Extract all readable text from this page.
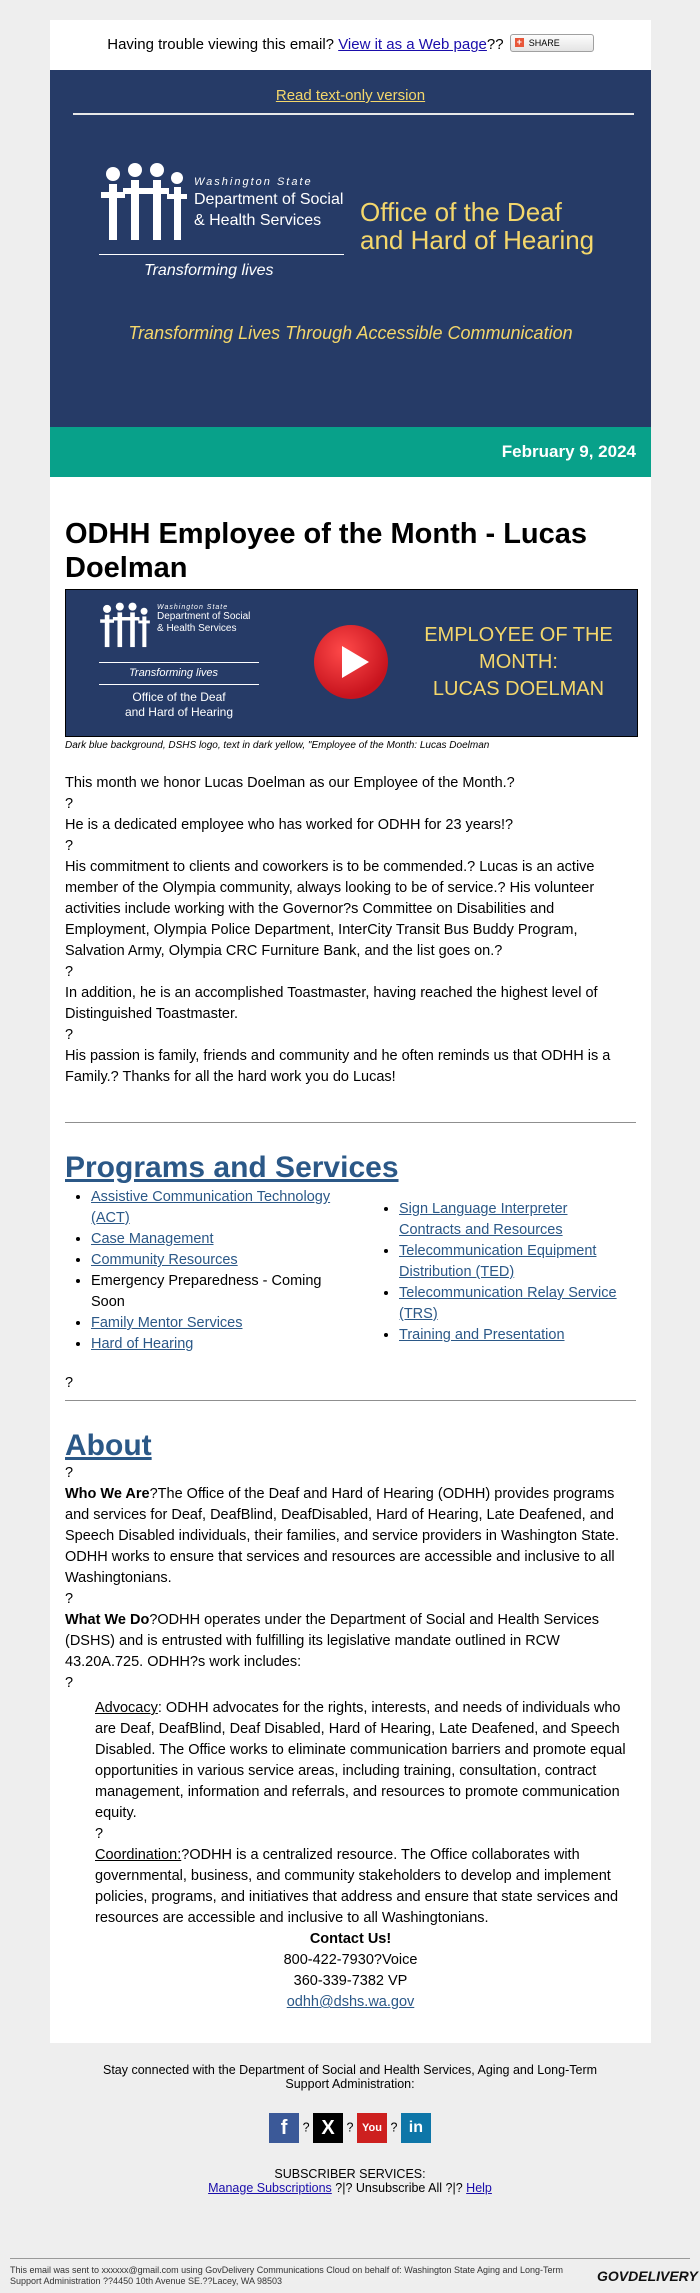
Having trouble viewing this email? View it as a Web page?? + SHARE
Read text-only version
Washington State
Department of Social
& Health Services
Transforming lives
Office of the Deaf
and Hard of Hearing
Transforming Lives Through Accessible Communication
February 9, 2024
ODHH Employee of the Month - Lucas Doelman
Washington State
Department of Social
& Health Services
Transforming lives
Office of the Deaf
and Hard of Hearing
EMPLOYEE OF THE
MONTH:
LUCAS DOELMAN
Dark blue background, DSHS logo, text in dark yellow, "Employee of the Month: Lucas Doelman
This month we honor Lucas Doelman as our Employee of the Month.?
?
He is a dedicated employee who has worked for ODHH for 23 years!?
?
His commitment to clients and coworkers is to be commended.? Lucas is an active member of the Olympia community, always looking to be of service.? His volunteer activities include working with the Governor?s Committee on Disabilities and Employment, Olympia Police Department, InterCity Transit Bus Buddy Program, Salvation Army, Olympia CRC Furniture Bank, and the list goes on.?
?
In addition, he is an accomplished Toastmaster, having reached the highest level of Distinguished Toastmaster.
?
His passion is family, friends and community and he often reminds us that ODHH is a Family.? Thanks for all the hard work you do Lucas!
Programs and Services
• Assistive Communication Technology (ACT)
• Case Management
• Community Resources
• Emergency Preparedness - Coming Soon
• Family Mentor Services
• Hard of Hearing
• Sign Language Interpreter Contracts and Resources
• Telecommunication Equipment Distribution (TED)
• Telecommunication Relay Service (TRS)
• Training and Presentation
?
About
?
Who We Are?The Office of the Deaf and Hard of Hearing (ODHH) provides programs and services for Deaf, DeafBlind, DeafDisabled, Hard of Hearing, Late Deafened, and Speech Disabled individuals, their families, and service providers in Washington State. ODHH works to ensure that services and resources are accessible and inclusive to all Washingtonians.
?
What We Do?ODHH operates under the Department of Social and Health Services (DSHS) and is entrusted with fulfilling its legislative mandate outlined in RCW 43.20A.725. ODHH?s work includes:
?
Advocacy: ODHH advocates for the rights, interests, and needs of individuals who are Deaf, DeafBlind, Deaf Disabled, Hard of Hearing, Late Deafened, and Speech Disabled. The Office works to eliminate communication barriers and promote equal opportunities in various service areas, including training, consultation, contract management, information and referrals, and resources to promote communication equity.
?
Coordination:?ODHH is a centralized resource. The Office collaborates with governmental, business, and community stakeholders to develop and implement policies, programs, and initiatives that address and ensure that state services and resources are accessible and inclusive to all Washingtonians.
Contact Us!
800-422-7930?Voice
360-339-7382 VP
odhh@dshs.wa.gov
Stay connected with the Department of Social and Health Services, Aging and Long-Term Support Administration:
f ? X ? You ? in
SUBSCRIBER SERVICES:
Manage Subscriptions ?|? Unsubscribe All ?|? Help
This email was sent to xxxxxx@gmail.com using GovDelivery Communications Cloud on behalf of: Washington State Aging and Long-Term Support Administration ??4450 10th Avenue SE.??Lacey, WA 98503	GOVDELIVERY
